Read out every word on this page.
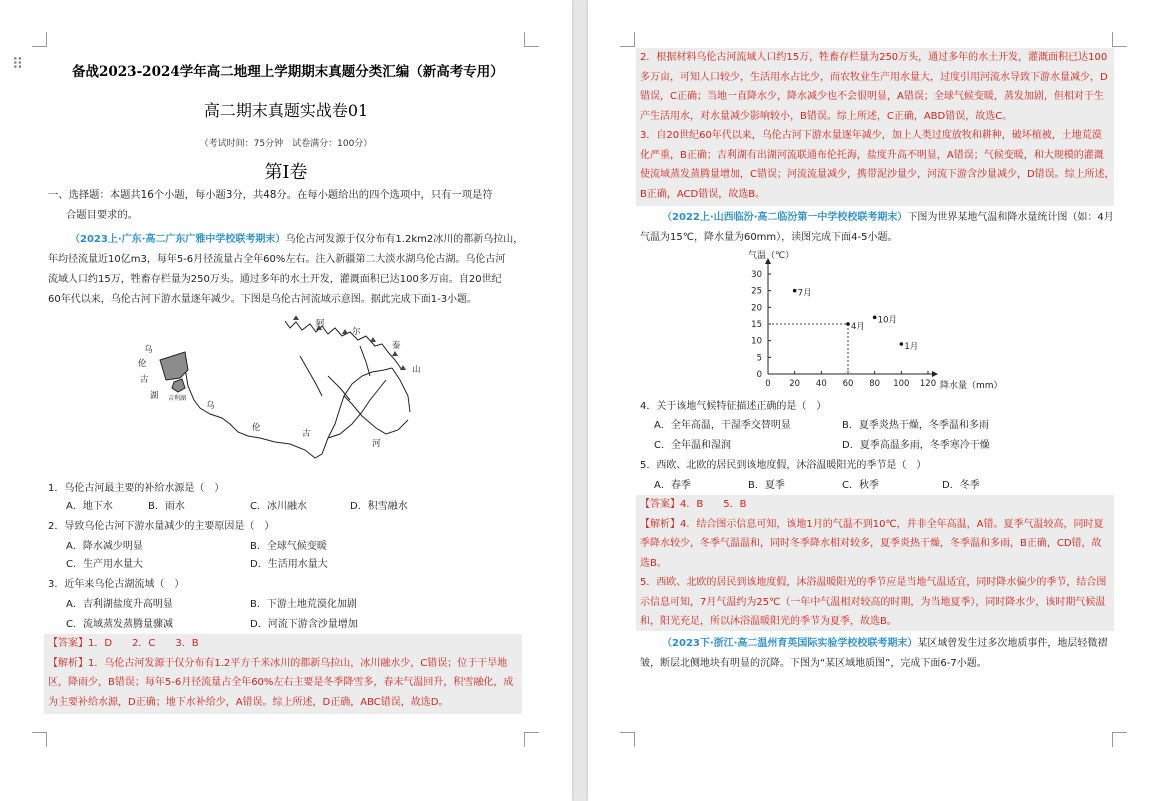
⠿	备战2023-2024学年高二地理上学期期末真题分类汇编（新高考专用）
高二期末真题实战卷01
（考试时间：75分钟　试卷满分：100分）
第Ⅰ卷
一、选择题：本题共16个小题，每小题3分，共48分。在每小题给出的四个选项中，只有一项是符
合题目要求的。
（2023上·广东·高二广东广雅中学校联考期末）乌伦古河发源于仅分布有1.2km2冰川的都新乌拉山，
年均径流量近10亿m3，每年5-6月径流量占全年60%左右。注入新疆第二大淡水湖乌伦古湖。乌伦古河
流域人口约15万，牲畜存栏量为250万头。通过多年的水土开发，灌溉面积已达100多万亩。自20世纪
60年代以来，乌伦古河下游水量逐年减少。下图是乌伦古河流域示意图。据此完成下面1-3小题。
阿
尔
泰
山
乌
伦
古
河
乌
伦
古
湖 吉利湖
1．乌伦古河最主要的补给水源是（　）
A．地下水	B．雨水	C．冰川融水	D．积雪融水
2．导致乌伦古河下游水量减少的主要原因是（　）
A．降水减少明显	B．全球气候变暖
C．生产用水量大	D．生活用水量大
3．近年来乌伦古湖流域（　）
A．吉利湖盐度升高明显	B．下游土地荒漠化加剧
C．流域蒸发蒸腾量骤减	D．河流下游含沙量增加
【答案】1．D　　2．C　　3．B
【解析】1．乌伦古河发源于仅分布有1.2平方千米冰川的都新乌拉山，冰川融水少，C错误；位于干旱地
区，降雨少，B错误；每年5-6月径流量占全年60%左右主要是冬季降雪多，春末气温回升，积雪融化，成
为主要补给水源，D正确；地下水补给少，A错误。综上所述，D正确，ABC错误，故选D。
2．根据材料乌伦古河流域人口约15万，牲畜存栏量为250万头，通过多年的水土开发，灌溉面积已达100
多万亩，可知人口较少，生活用水占比少，而农牧业生产用水量大，过度引用河流水导致下游水量减少，D
错误，C正确；当地一直降水少，降水减少也不会很明显，A错误；全球气候变暖，蒸发加剧，但相对于生
产生活用水，对水量减少影响较小，B错误。综上所述，C正确，ABD错误，故选C。
3．自20世纪60年代以来，乌伦古河下游水量逐年减少，加上人类过度放牧和耕种，破坏植被，土地荒漠
化严重，B正确；吉利湖有出湖河流联通布伦托海，盐度升高不明显，A错误；气候变暖，和大规模的灌溉
使流域蒸发蒸腾量增加，C错误；河流流量减少，携带泥沙量少，河流下游含沙量减少，D错误。综上所述，
B正确，ACD错误，故选B。
（2022上·山西临汾·高二临汾第一中学校校联考期末）下图为世界某地气温和降水量统计图（如：4月
气温为15℃，降水量为60mm），读图完成下面4-5小题。
0 20 40 60 80 100 120
0
5
10
15
20
25
30
7月
4月
10月
1月
气温（℃）
降水量（mm）
4．关于该地气候特征描述正确的是（　）
A．全年高温，干湿季交替明显	B．夏季炎热干燥，冬季温和多雨
C．全年温和湿润	D．夏季高温多雨，冬季寒冷干燥
5．西欧、北欧的居民到该地度假，沐浴温暖阳光的季节是（　）
A．春季	B．夏季	C．秋季	D．冬季
【答案】4．B　　5．B
【解析】4．结合图示信息可知，该地1月的气温不到10℃，并非全年高温，A错。夏季气温较高，同时夏
季降水较少，冬季气温温和，同时冬季降水相对较多，夏季炎热干燥，冬季温和多雨，B正确，CD错，故
选B。
5．西欧、北欧的居民到该地度假，沐浴温暖阳光的季节应是当地气温适宜，同时降水偏少的季节，结合图
示信息可知，7月气温约为25℃（一年中气温相对较高的时期，为当地夏季），同时降水少，该时期气候温
和，阳光充足，所以沐浴温暖阳光的季节为夏季，故选B。
（2023下·浙江·高二温州育英国际实验学校校联考期末）某区域曾发生过多次地质事件，地层轻微褶
皱，断层北侧地块有明显的沉降。下图为“某区域地质图”，完成下面6-7小题。
